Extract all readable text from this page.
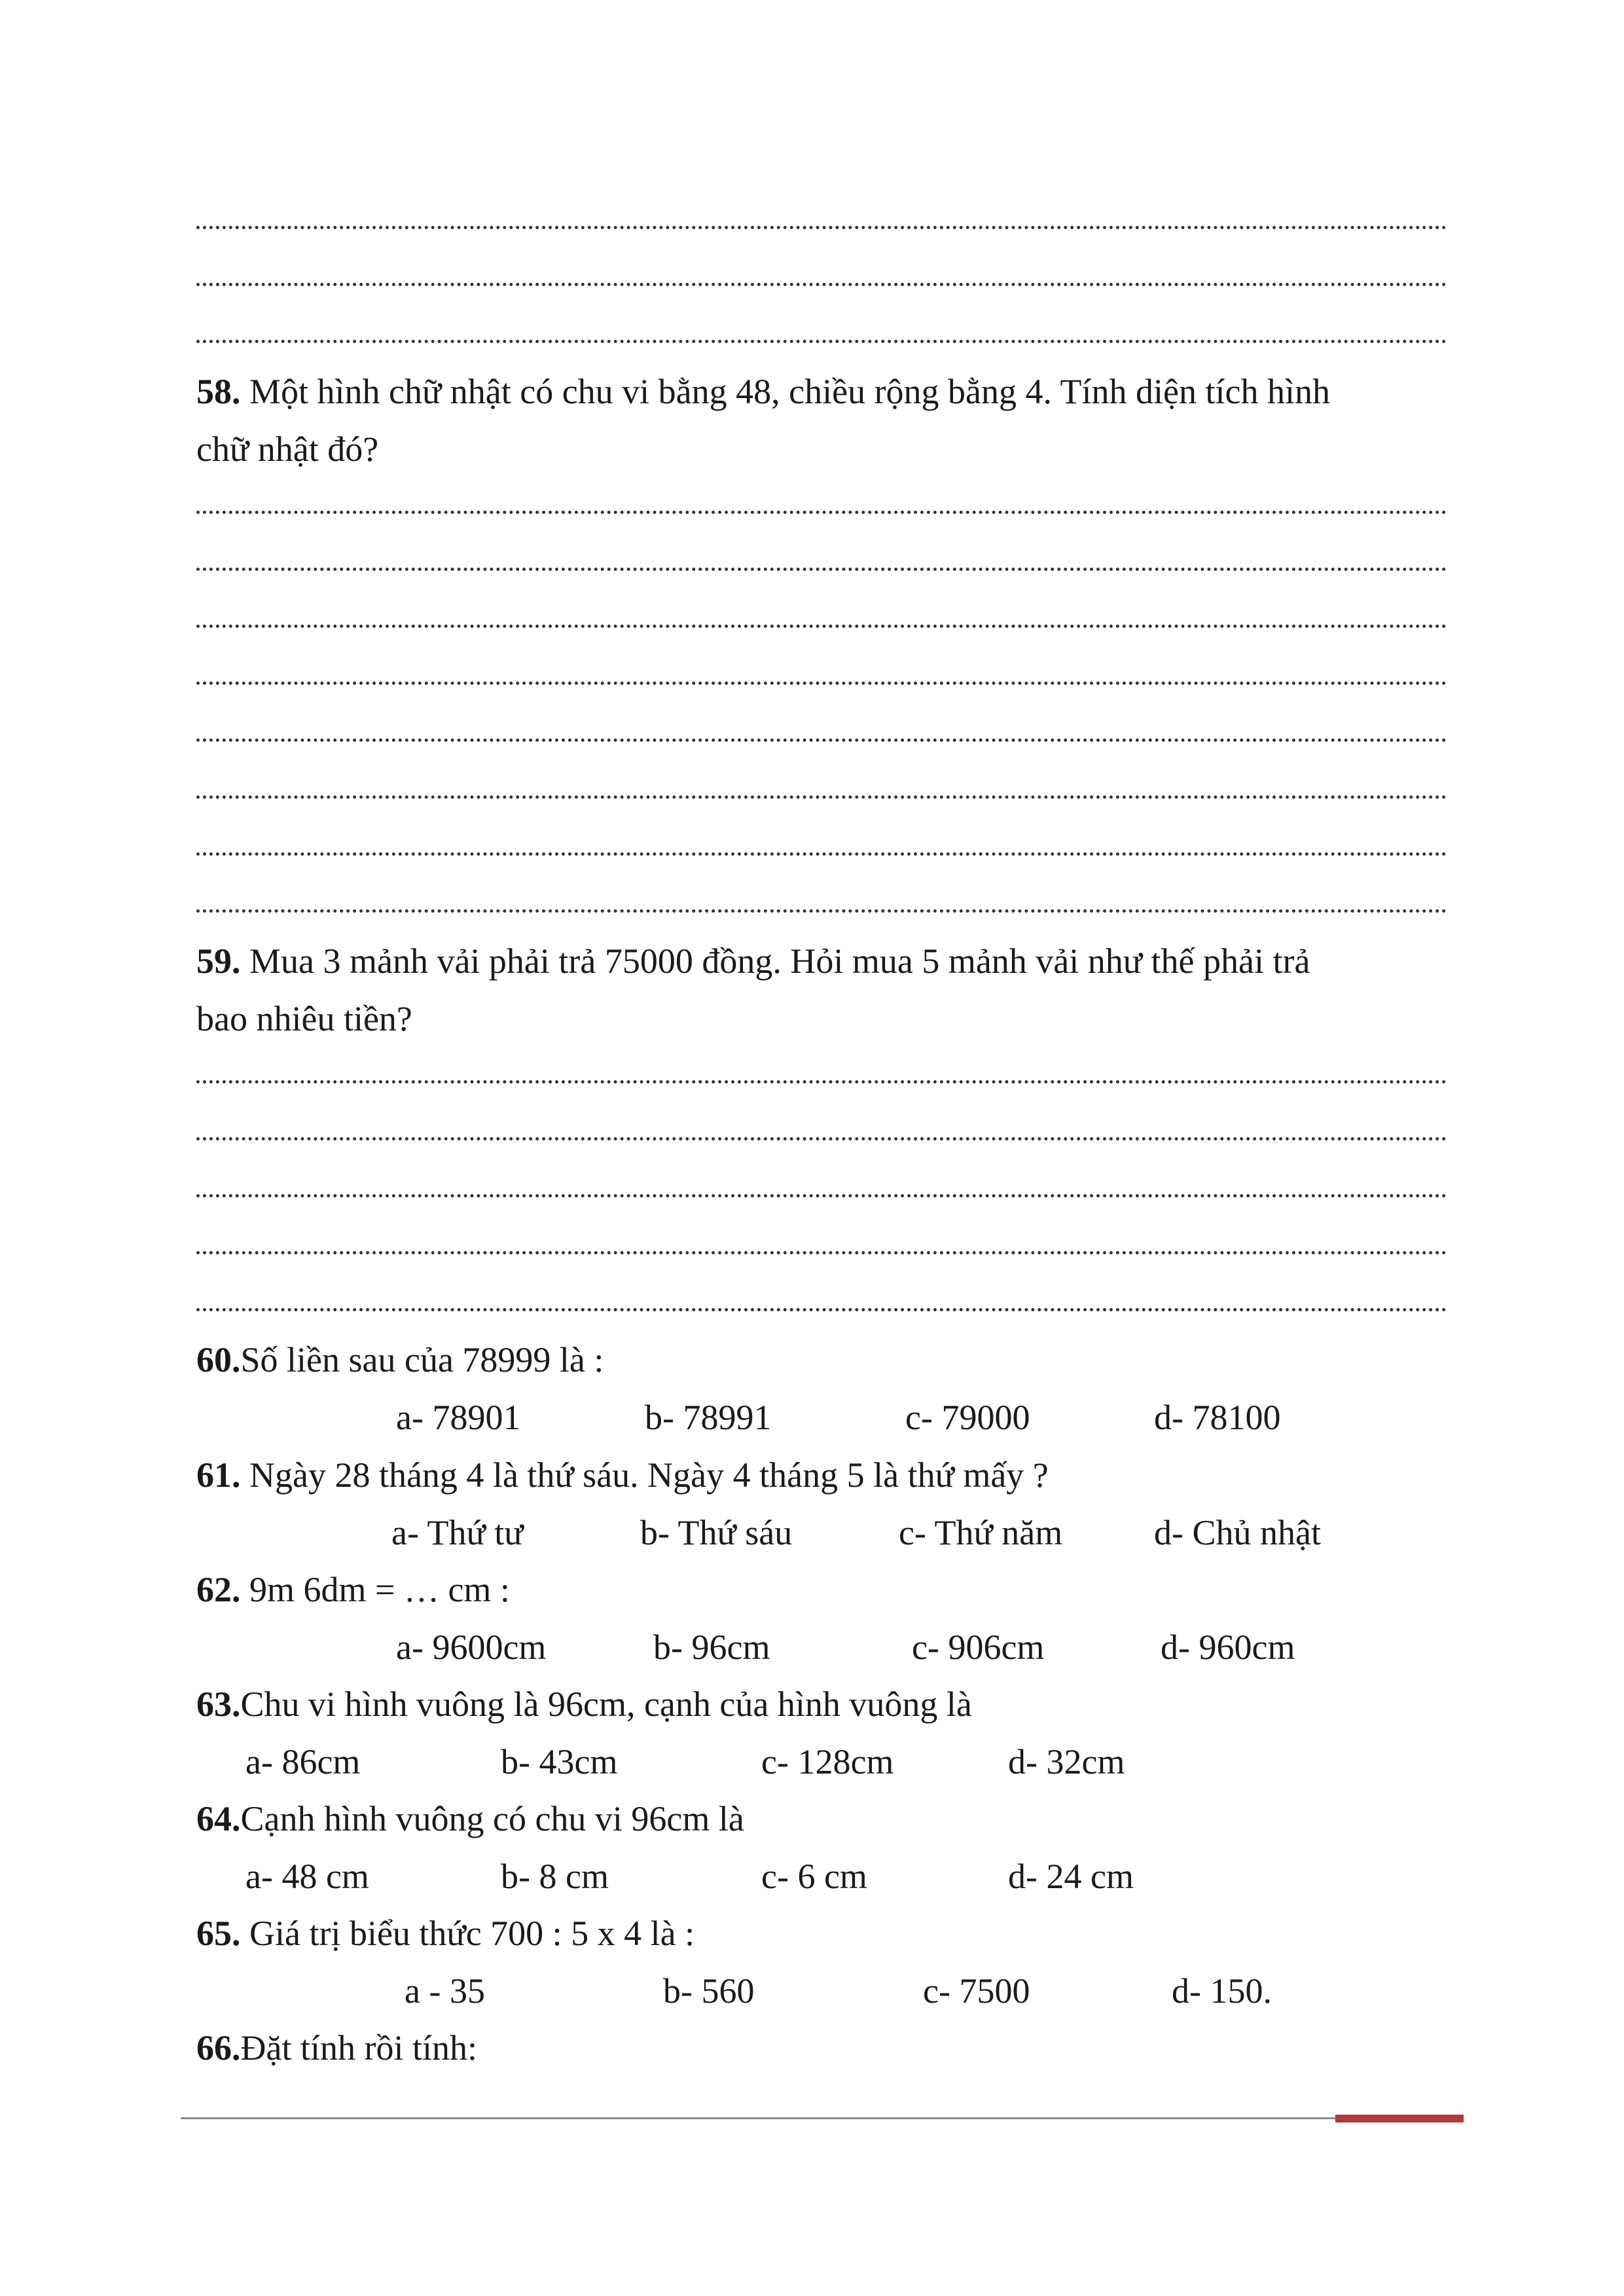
58. Một hình chữ nhật có chu vi bằng 48, chiều rộng bằng 4. Tính diện tích hình
chữ nhật đó?
59. Mua 3 mảnh vải phải trả 75000 đồng. Hỏi mua 5 mảnh vải như thế phải trả
bao nhiêu tiền?
60.Số liền sau của 78999 là :
a- 78901	b- 78991	c- 79000	d- 78100
61. Ngày 28 tháng 4 là thứ sáu. Ngày 4 tháng 5 là thứ mấy ?
a- Thứ tư	b- Thứ sáu	c- Thứ năm	d- Chủ nhật
62. 9m 6dm = … cm :
a- 9600cm	b- 96cm	c- 906cm	d- 960cm
63.Chu vi hình vuông là 96cm, cạnh của hình vuông là
a- 86cm	b- 43cm	c- 128cm	d- 32cm
64.Cạnh hình vuông có chu vi 96cm là
a- 48 cm	b- 8 cm	c- 6 cm	d- 24 cm
65. Giá trị biểu thức 700 : 5 x 4 là :
a - 35	b- 560	c- 7500	d- 150.
66.Đặt tính rồi tính:
